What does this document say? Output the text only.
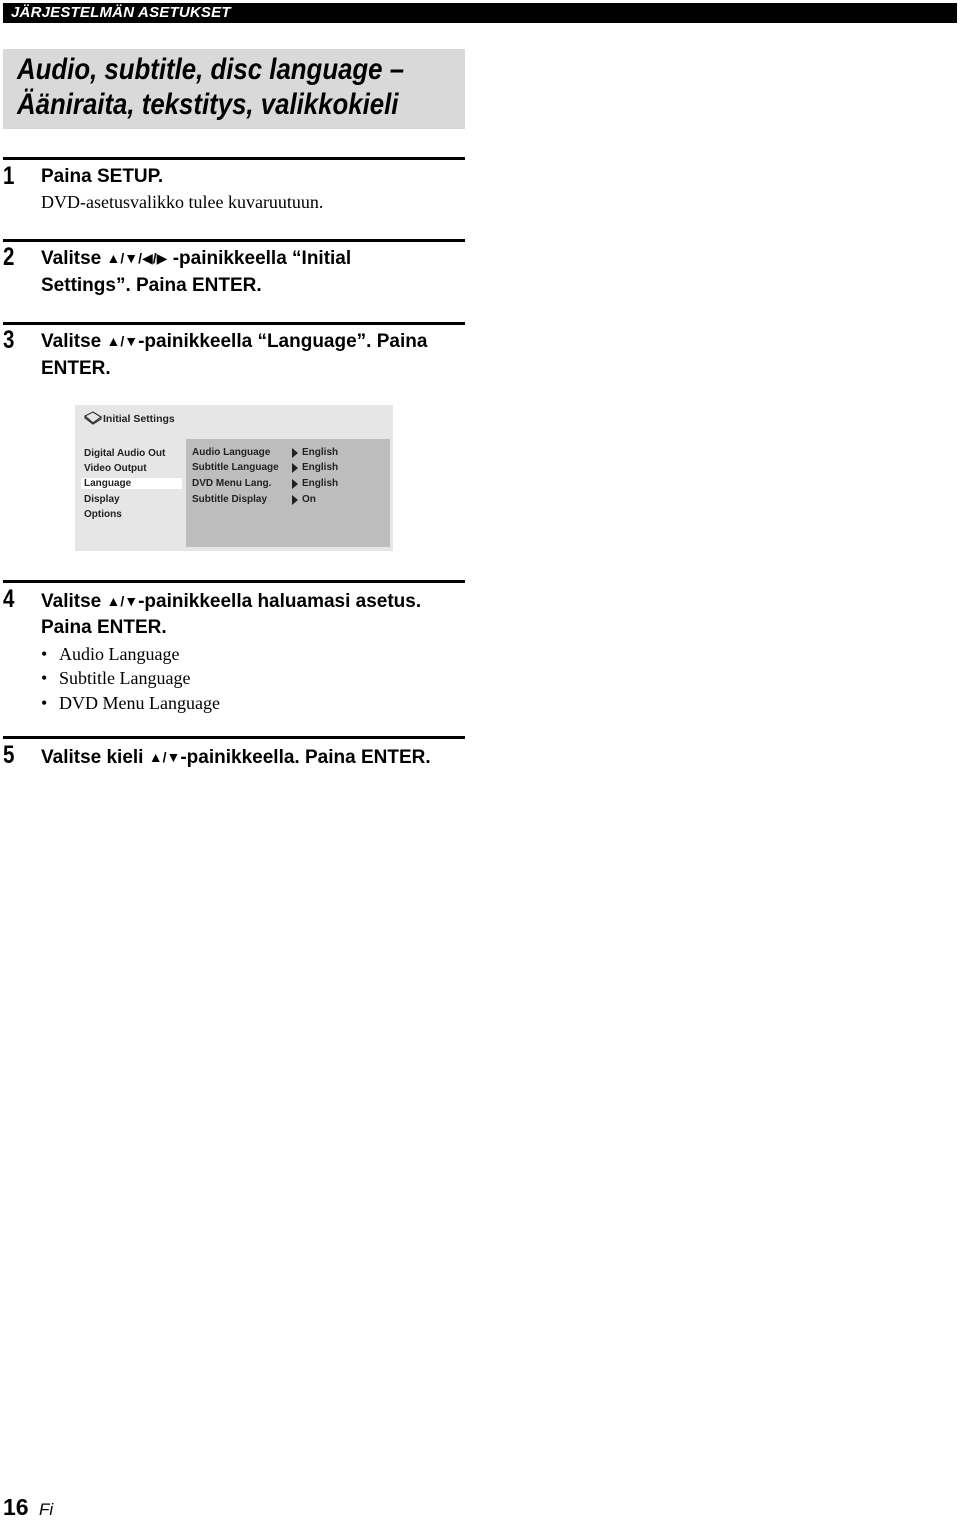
JÄRJESTELMÄN ASETUKSET
Audio, subtitle, disc language –
Ääniraita, tekstitys, valikkokieli
1 Paina SETUP.
DVD-asetusvalikko tulee kuvaruutuun.
2 Valitse ▲/▼/◀/▶ -painikkeella “Initial
Settings”. Paina ENTER.
3 Valitse ▲/▼-painikkeella “Language”. Paina
ENTER.
Initial Settings
Digital Audio Out
Video Output
Language
Display
Options
Audio Language	English
Subtitle Language English
DVD Menu Lang.	English
Subtitle Display	On
4 Valitse ▲/▼-painikkeella haluamasi asetus.
Paina ENTER.
• Audio Language
• Subtitle Language
• DVD Menu Language
5 Valitse kieli ▲/▼-painikkeella. Paina ENTER.
16 Fi
